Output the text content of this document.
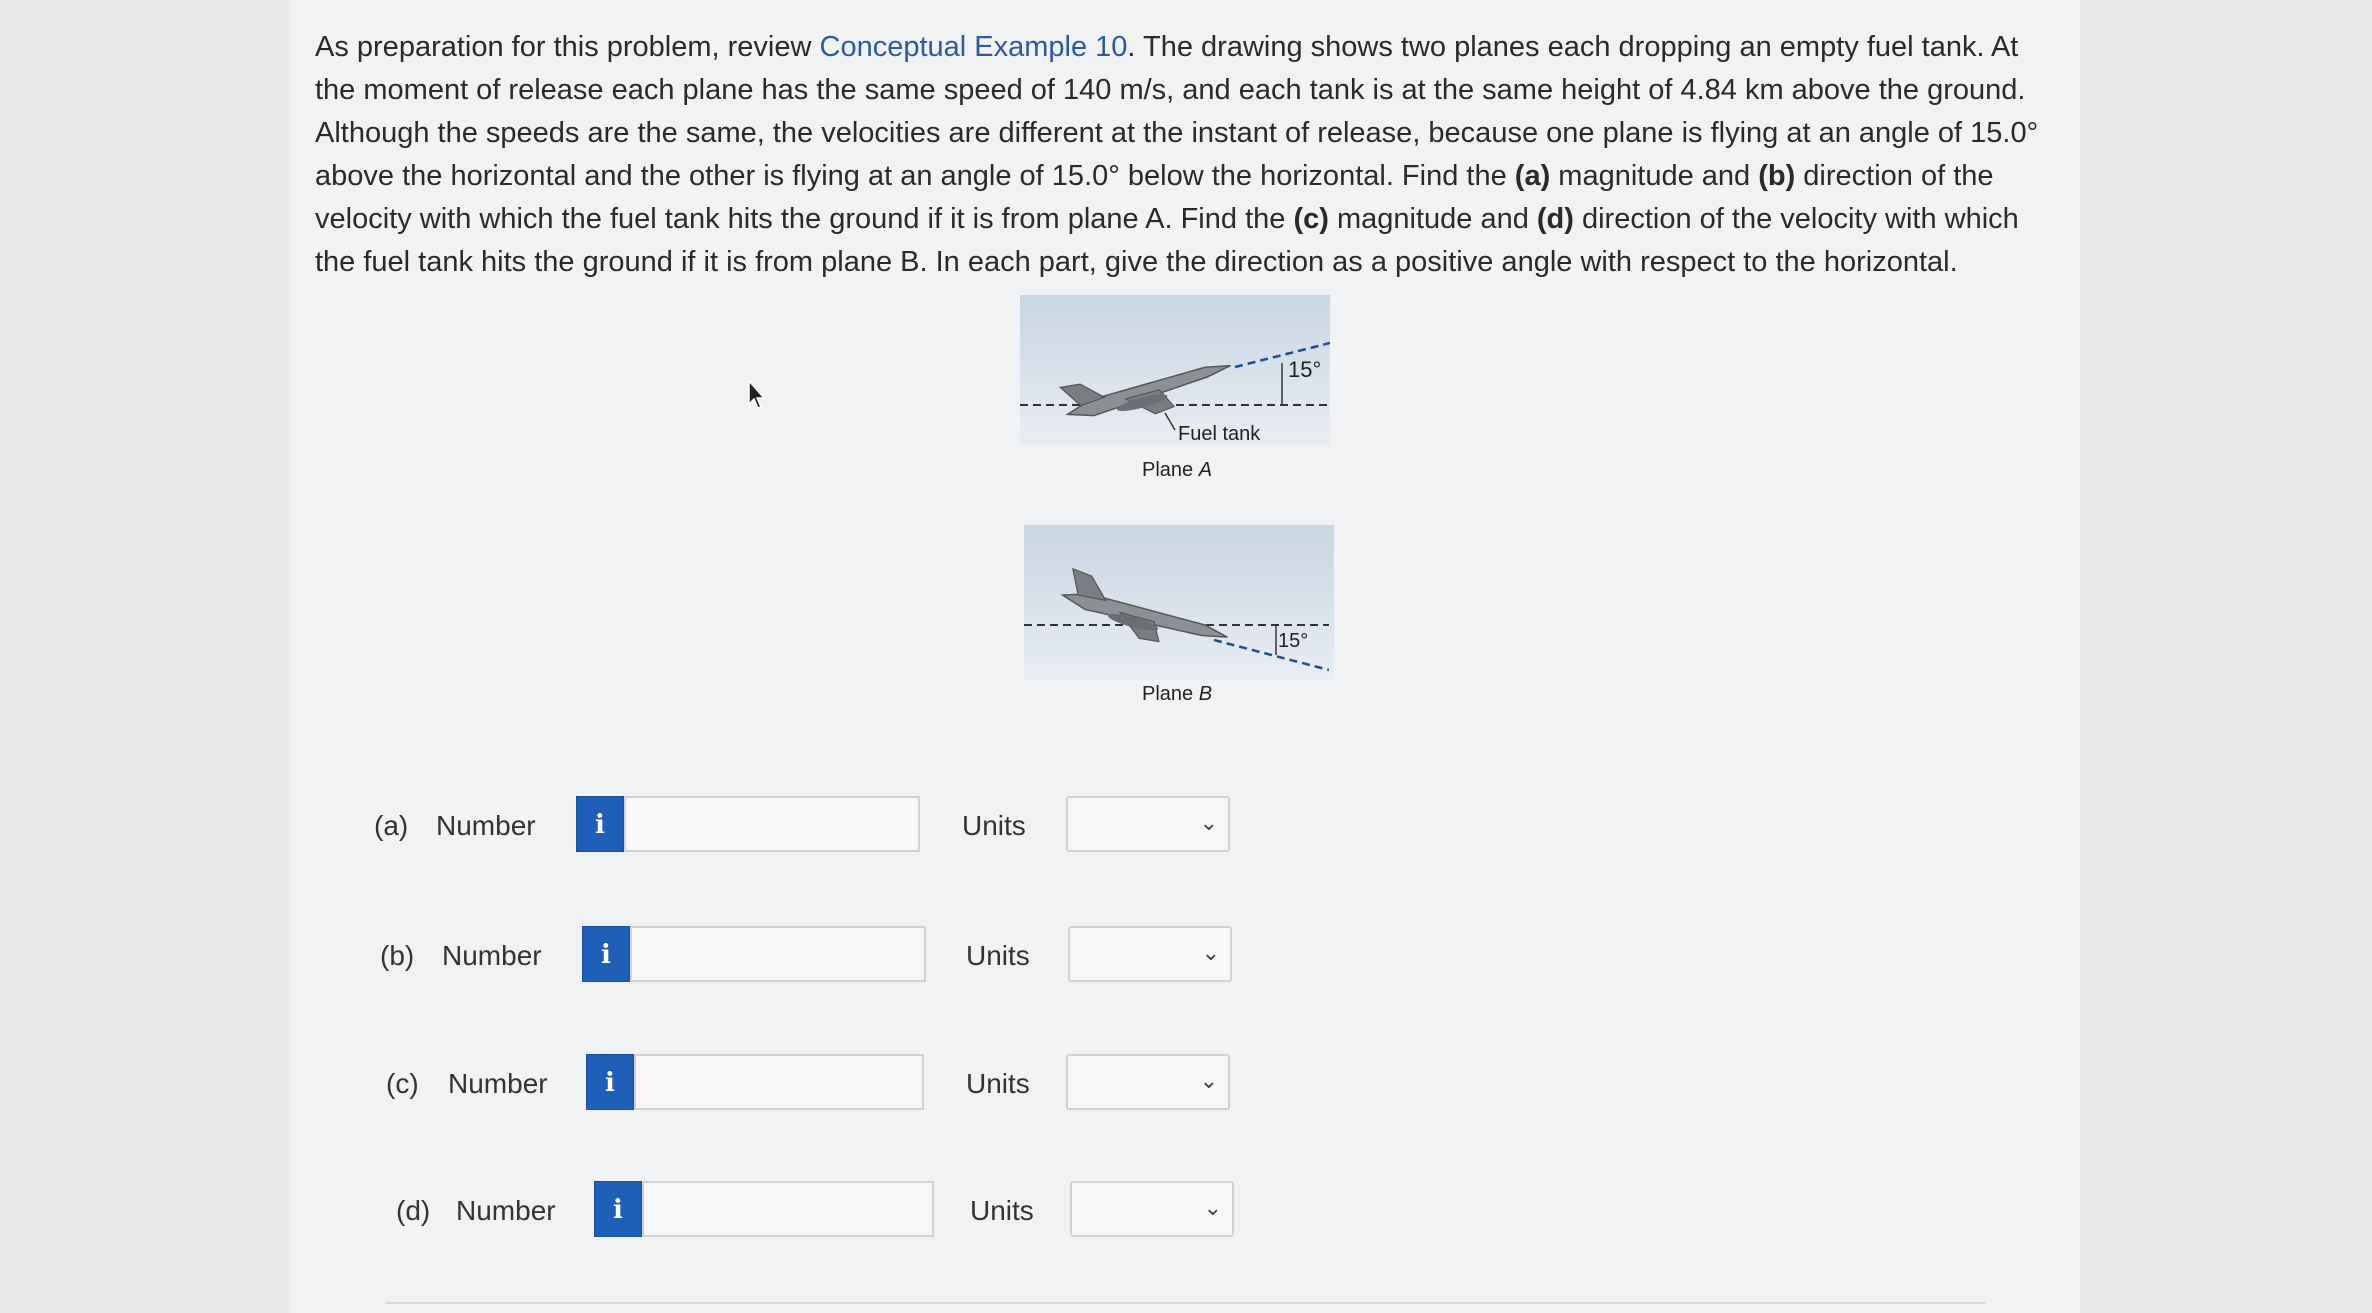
As preparation for this problem, review Conceptual Example 10. The drawing shows two planes each dropping an empty fuel tank. At the moment of release each plane has the same speed of 140 m/s, and each tank is at the same height of 4.84 km above the ground. Although the speeds are the same, the velocities are different at the instant of release, because one plane is flying at an angle of 15.0° above the horizontal and the other is flying at an angle of 15.0° below the horizontal. Find the (a) magnitude and (b) direction of the velocity with which the fuel tank hits the ground if it is from plane A. Find the (c) magnitude and (d) direction of the velocity with which the fuel tank hits the ground if it is from plane B. In each part, give the direction as a positive angle with respect to the horizontal.
15°
Fuel tank
Plane A
15°
Plane B
(a) Number	i	Units	⌄
(b) Number	i	Units	⌄
(c) Number	i	Units	⌄
(d) Number	i	Units	⌄
